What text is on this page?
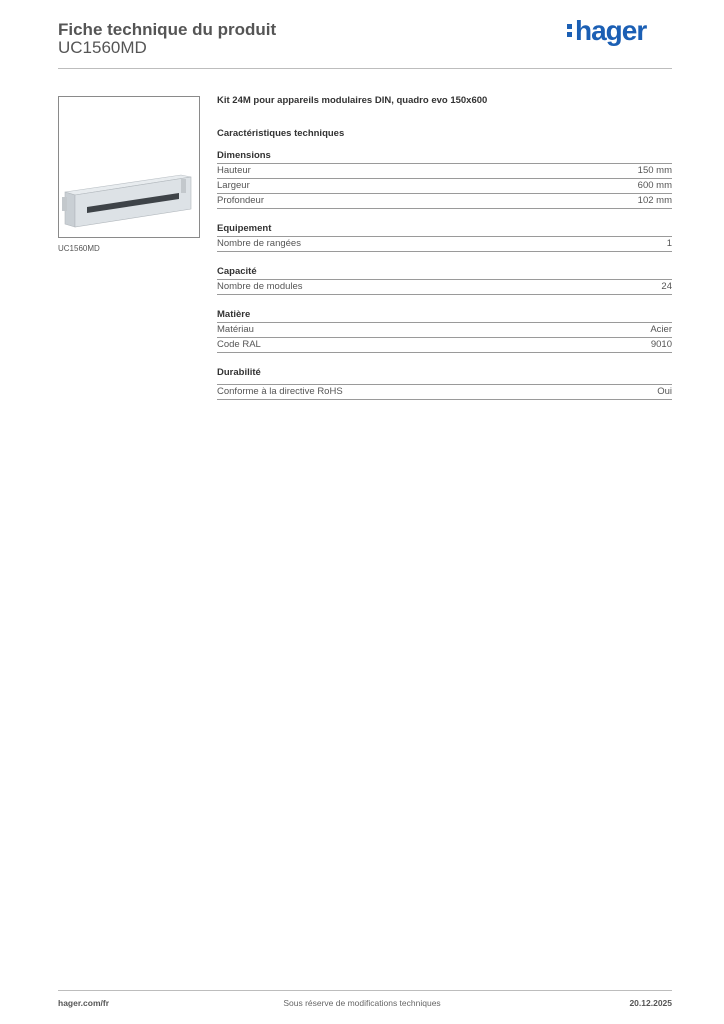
Fiche technique du produit
UC1560MD
hager
UC1560MD
Kit 24M pour appareils modulaires DIN, quadro evo 150x600
Caractéristiques techniques
Dimensions
Hauteur	150 mm
Largeur	600 mm
Profondeur	102 mm
Equipement
Nombre de rangées	1
Capacité
Nombre de modules	24
Matière
Matériau	Acier
Code RAL	9010
Durabilité
Conforme à la directive RoHS	Oui
hager.com/fr	Sous réserve de modifications techniques	20.12.2025
